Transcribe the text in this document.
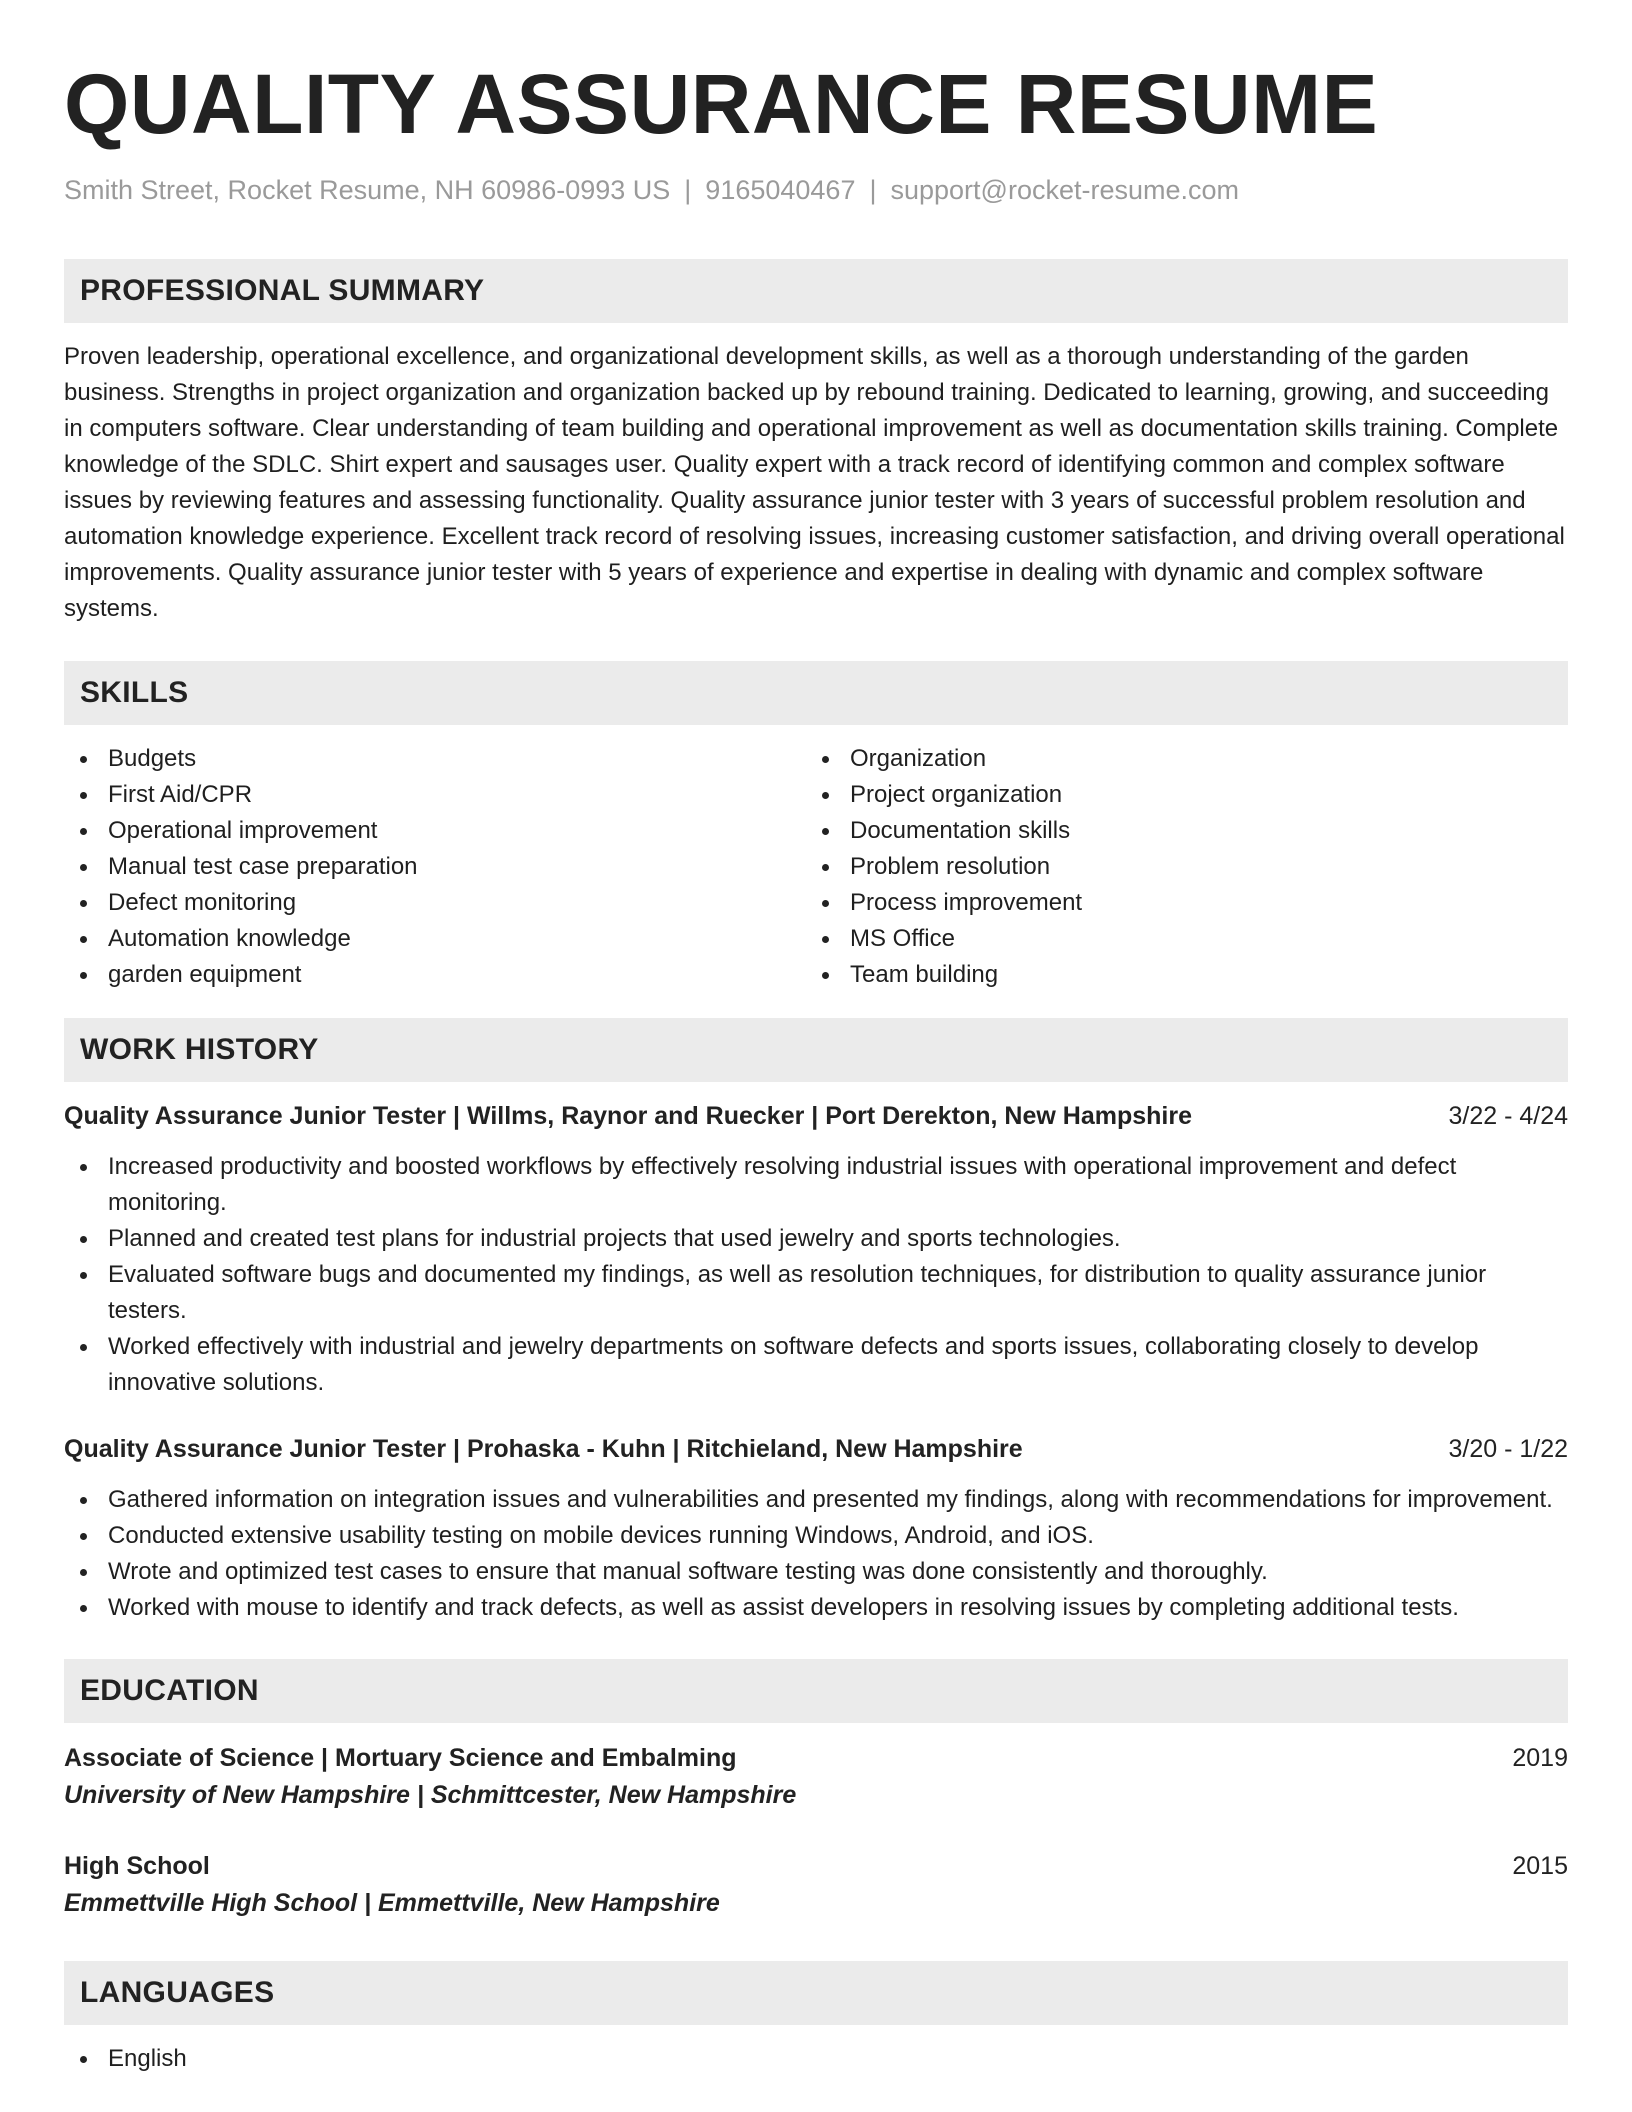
QUALITY ASSURANCE RESUME
Smith Street, Rocket Resume, NH 60986-0993 US | 9165040467 | support@rocket-resume.com
PROFESSIONAL SUMMARY
Proven leadership, operational excellence, and organizational development skills, as well as a thorough understanding of the garden business. Strengths in project organization and organization backed up by rebound training. Dedicated to learning, growing, and succeeding in computers software. Clear understanding of team building and operational improvement as well as documentation skills training. Complete knowledge of the SDLC. Shirt expert and sausages user. Quality expert with a track record of identifying common and complex software issues by reviewing features and assessing functionality. Quality assurance junior tester with 3 years of successful problem resolution and automation knowledge experience. Excellent track record of resolving issues, increasing customer satisfaction, and driving overall operational improvements. Quality assurance junior tester with 5 years of experience and expertise in dealing with dynamic and complex software systems.
SKILLS
Budgets
First Aid/CPR
Operational improvement
Manual test case preparation
Defect monitoring
Automation knowledge
garden equipment
Organization
Project organization
Documentation skills
Problem resolution
Process improvement
MS Office
Team building
WORK HISTORY
Quality Assurance Junior Tester | Willms, Raynor and Ruecker | Port Derekton, New Hampshire	3/22 - 4/24
Increased productivity and boosted workflows by effectively resolving industrial issues with operational improvement and defect monitoring.
Planned and created test plans for industrial projects that used jewelry and sports technologies.
Evaluated software bugs and documented my findings, as well as resolution techniques, for distribution to quality assurance junior testers.
Worked effectively with industrial and jewelry departments on software defects and sports issues, collaborating closely to develop innovative solutions.
Quality Assurance Junior Tester | Prohaska - Kuhn | Ritchieland, New Hampshire	3/20 - 1/22
Gathered information on integration issues and vulnerabilities and presented my findings, along with recommendations for improvement.
Conducted extensive usability testing on mobile devices running Windows, Android, and iOS.
Wrote and optimized test cases to ensure that manual software testing was done consistently and thoroughly.
Worked with mouse to identify and track defects, as well as assist developers in resolving issues by completing additional tests.
EDUCATION
Associate of Science | Mortuary Science and Embalming	2019
University of New Hampshire | Schmittcester, New Hampshire
High School	2015
Emmettville High School | Emmettville, New Hampshire
LANGUAGES
English
